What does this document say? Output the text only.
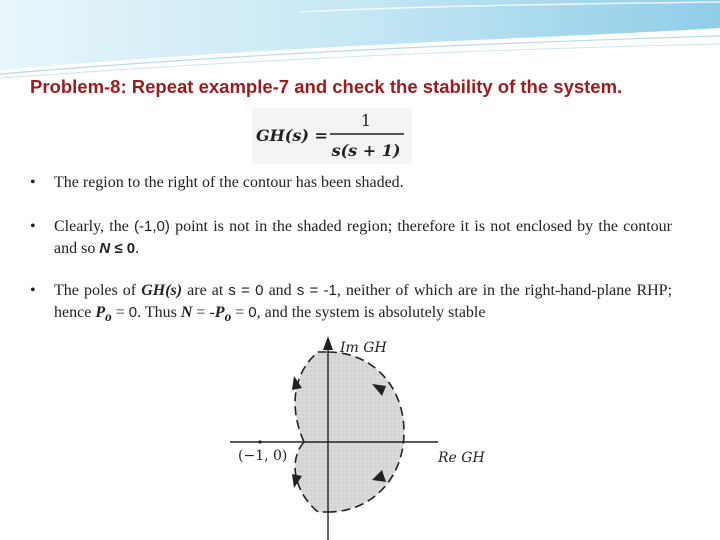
Problem-8: Repeat example-7 and check the stability of the system.
GH(s) =
1
s(s + 1)
• The region to the right of the contour has been shaded.
• Clearly, the (-1,0) point is not in the shaded region; therefore it is not enclosed by the contour and so N ≤ 0.
• The poles of GH(s) are at s = 0 and s = -1, neither of which are in the right-hand-plane RHP; hence $P_o = 0$. Thus $N = -P_o = 0$, and the system is absolutely stable
Im GH
Re GH
(−1, 0)
